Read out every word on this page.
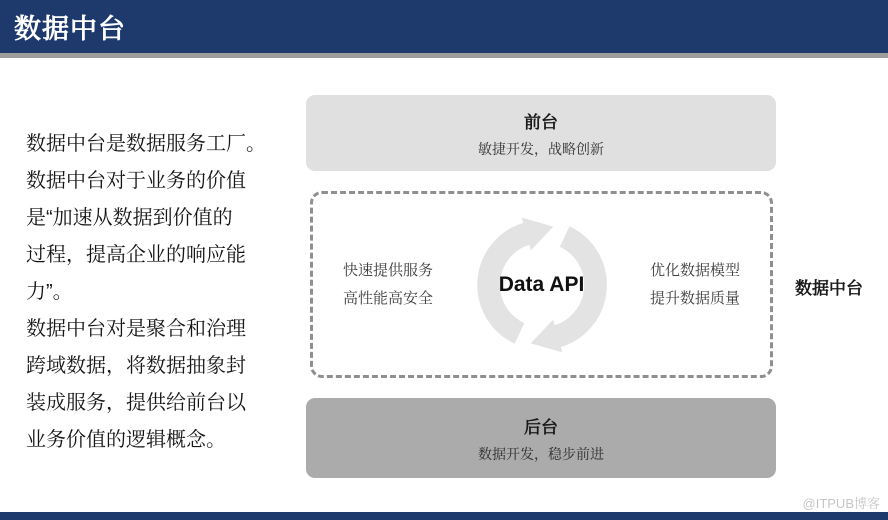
数据中台
数据中台是数据服务工厂。
数据中台对于业务的价值
是“加速从数据到价值的
过程，提高企业的响应能
力”。
数据中台对是聚合和治理
跨域数据，将数据抽象封
装成服务，提供给前台以
业务价值的逻辑概念。
前台
敏捷开发，战略创新
快速提供服务
高性能高安全
Data API
优化数据模型
提升数据质量	数据中台
后台
数据开发，稳步前进
@ITPUB博客
